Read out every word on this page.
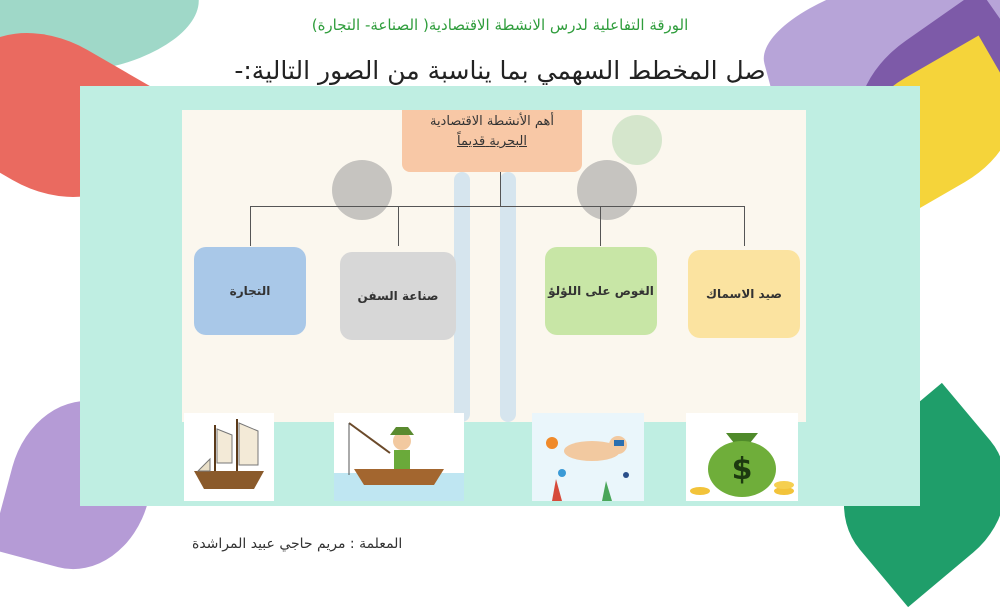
الورقة التفاعلية لدرس الانشطة الاقتصادية( الصناعة- التجارة)
صل المخطط السهمي بما يناسبة من الصور التالية:-
أهم الأنشطة الاقتصادية
البحرية قديماً
التجارة	صناعة السفن	الغوص على اللؤلؤ	صيد الاسماك
$
المعلمة : مريم حاجي عبيد المراشدة
